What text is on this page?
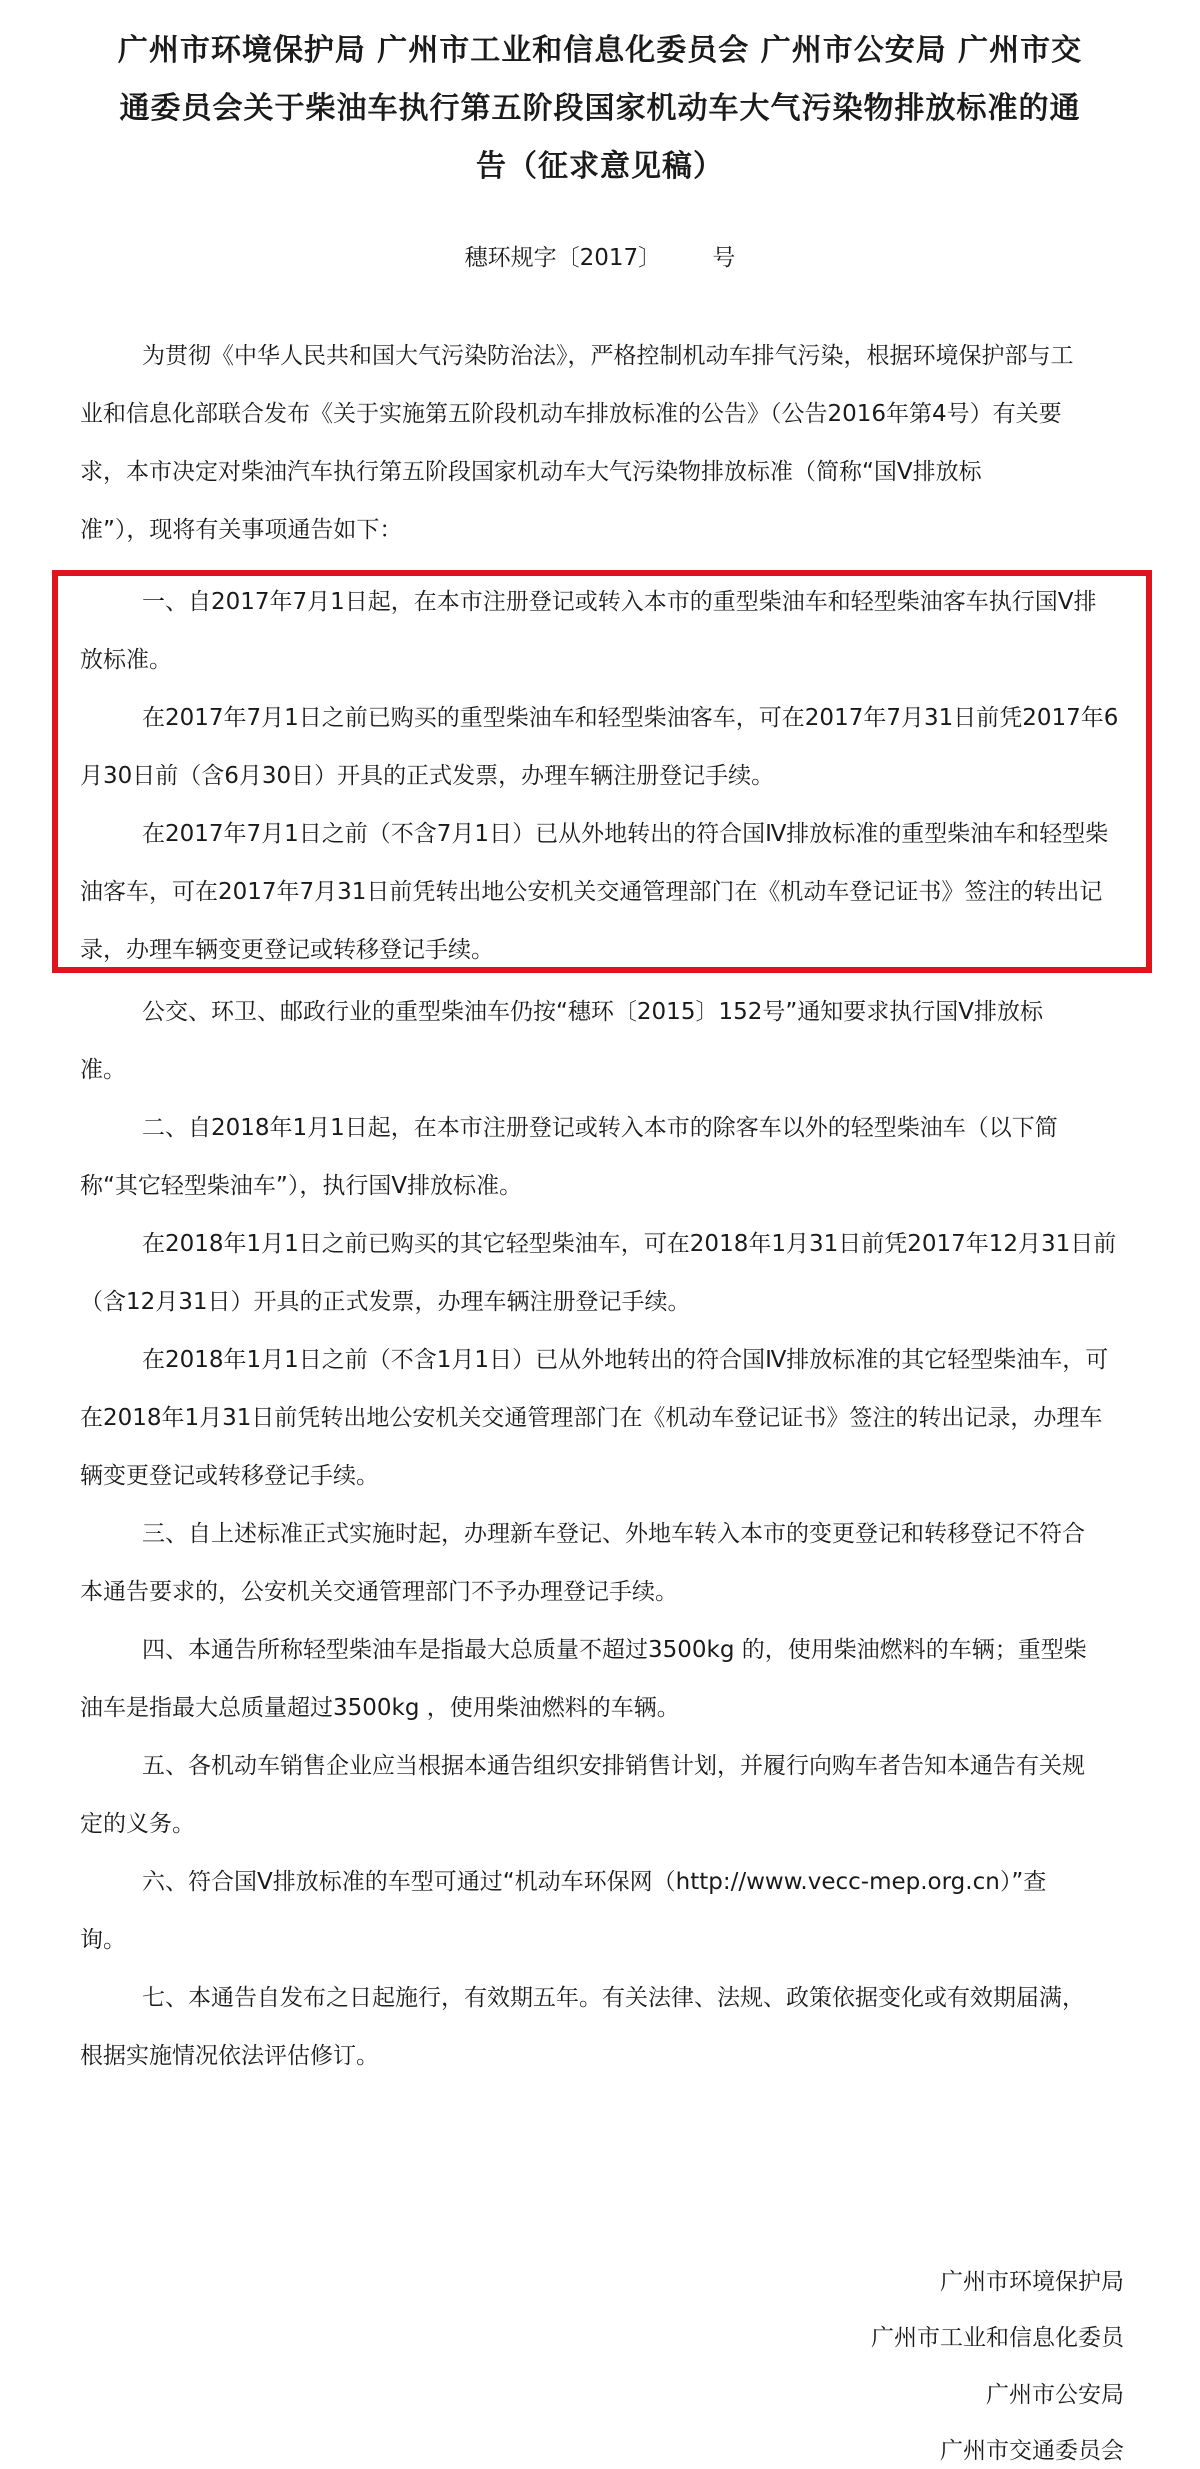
广州市环境保护局 广州市工业和信息化委员会 广州市公安局 广州市交
通委员会关于柴油车执行第五阶段国家机动车大气污染物排放标准的通
告（征求意见稿）

穗环规字〔2017〕       号

为贯彻《中华人民共和国大气污染防治法》，严格控制机动车排气污染，根据环境保护部与工
业和信息化部联合发布《关于实施第五阶段机动车排放标准的公告》（公告2016年第4号）有关要
求，本市决定对柴油汽车执行第五阶段国家机动车大气污染物排放标准（简称“国Ⅴ排放标
准”），现将有关事项通告如下：

一、自2017年7月1日起，在本市注册登记或转入本市的重型柴油车和轻型柴油客车执行国Ⅴ排
放标准。

在2017年7月1日之前已购买的重型柴油车和轻型柴油客车，可在2017年7月31日前凭2017年6
月30日前（含6月30日）开具的正式发票，办理车辆注册登记手续。

在2017年7月1日之前（不含7月1日）已从外地转出的符合国Ⅳ排放标准的重型柴油车和轻型柴
油客车，可在2017年7月31日前凭转出地公安机关交通管理部门在《机动车登记证书》签注的转出记
录，办理车辆变更登记或转移登记手续。

公交、环卫、邮政行业的重型柴油车仍按“穗环〔2015〕152号”通知要求执行国Ⅴ排放标
准。

二、自2018年1月1日起，在本市注册登记或转入本市的除客车以外的轻型柴油车（以下简
称“其它轻型柴油车”），执行国Ⅴ排放标准。

在2018年1月1日之前已购买的其它轻型柴油车，可在2018年1月31日前凭2017年12月31日前
（含12月31日）开具的正式发票，办理车辆注册登记手续。

在2018年1月1日之前（不含1月1日）已从外地转出的符合国Ⅳ排放标准的其它轻型柴油车，可
在2018年1月31日前凭转出地公安机关交通管理部门在《机动车登记证书》签注的转出记录，办理车
辆变更登记或转移登记手续。

三、自上述标准正式实施时起，办理新车登记、外地车转入本市的变更登记和转移登记不符合
本通告要求的，公安机关交通管理部门不予办理登记手续。

四、本通告所称轻型柴油车是指最大总质量不超过3500kg 的，使用柴油燃料的车辆；重型柴
油车是指最大总质量超过3500kg ，使用柴油燃料的车辆。

五、各机动车销售企业应当根据本通告组织安排销售计划，并履行向购车者告知本通告有关规
定的义务。

六、符合国Ⅴ排放标准的车型可通过“机动车环保网（http://www.vecc-mep.org.cn）”查
询。

七、本通告自发布之日起施行，有效期五年。有关法律、法规、政策依据变化或有效期届满，
根据实施情况依法评估修订。

广州市环境保护局

广州市工业和信息化委员

广州市公安局

广州市交通委员会
